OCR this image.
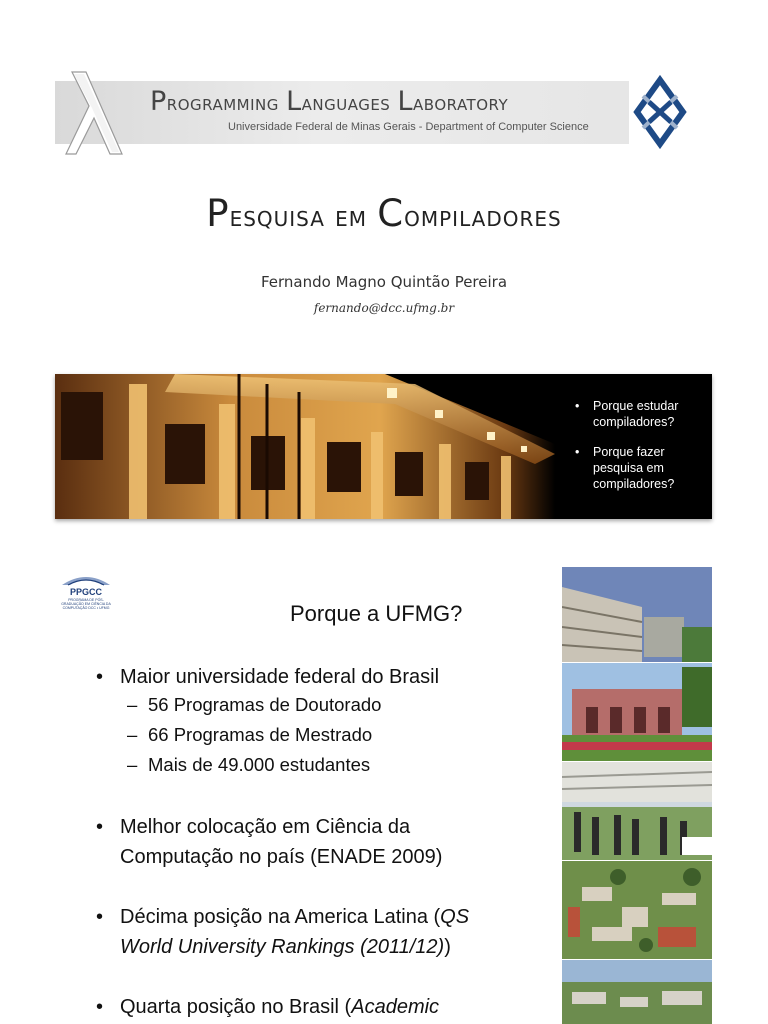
Programming Languages Laboratory
Universidade Federal de Minas Gerais - Department of Computer Science
Pesquisa em Compiladores
Fernando Magno Quintão Pereira
fernando@dcc.ufmg.br
• Porque estudar compiladores?
• Porque fazer pesquisa em compiladores?
PPGCC
PROGRAMA DE PÓS-GRADUAÇÃO EM CIÊNCIA DA COMPUTAÇÃO DCC • UFMG	Porque a UFMG?
• Maior universidade federal do Brasil
– 56 Programas de Doutorado
– 66 Programas de Mestrado
– Mais de 49.000 estudantes
• Melhor colocação em Ciência da
Computação no país (ENADE 2009)
• Décima posição na America Latina (QS
World University Rankings (2011/12))
• Quarta posição no Brasil (Academic
